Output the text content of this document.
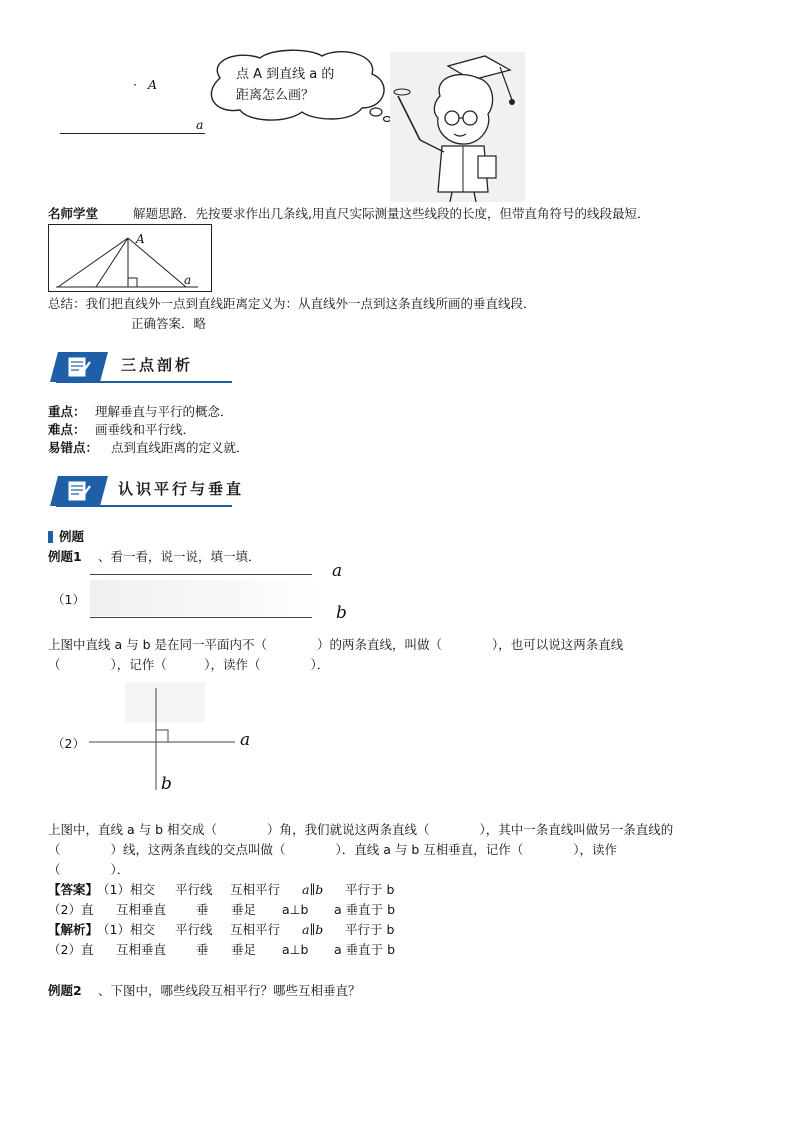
· A
a
点 A 到直线 a 的
距离怎么画？
名师学堂	解题思路．先按要求作出几条线,用直尺实际测量这些线段的长度，但带直角符号的线段最短．
A
a
总结：我们把直线外一点到直线距离定义为：从直线外一点到这条直线所画的垂直线段．
正确答案．略
三点剖析
重点： 理解垂直与平行的概念．
难点： 画垂线和平行线．
易错点： 点到直线距离的定义就．
认识平行与垂直
例题
例题1 、看一看，说一说，填一填．
（1）
a
b
上图中直线 a 与 b 是在同一平面内不（　　　　）的两条直线，叫做（　　　　），也可以说这两条直线
（　　　　），记作（　　　），读作（　　　　）．
（2）	a
b
上图中，直线 a 与 b 相交成（　　　　）角，我们就说这两条直线（　　　　），其中一条直线叫做另一条直线的
（　　　　）线，这两条直线的交点叫做（　　　　）．直线 a 与 b 互相垂直，记作（　　　　），读作
（　　　　）．
【答案】
（1）相交 平行线 互相平行 a∥b 平行于 b
（2）直 互相垂直 垂 垂足 a⊥b a 垂直于 b
【解析】
（1）相交 平行线 互相平行 a∥b 平行于 b
（2）直 互相垂直 垂 垂足 a⊥b a 垂直于 b
例题2 、下图中，哪些线段互相平行？哪些互相垂直？
